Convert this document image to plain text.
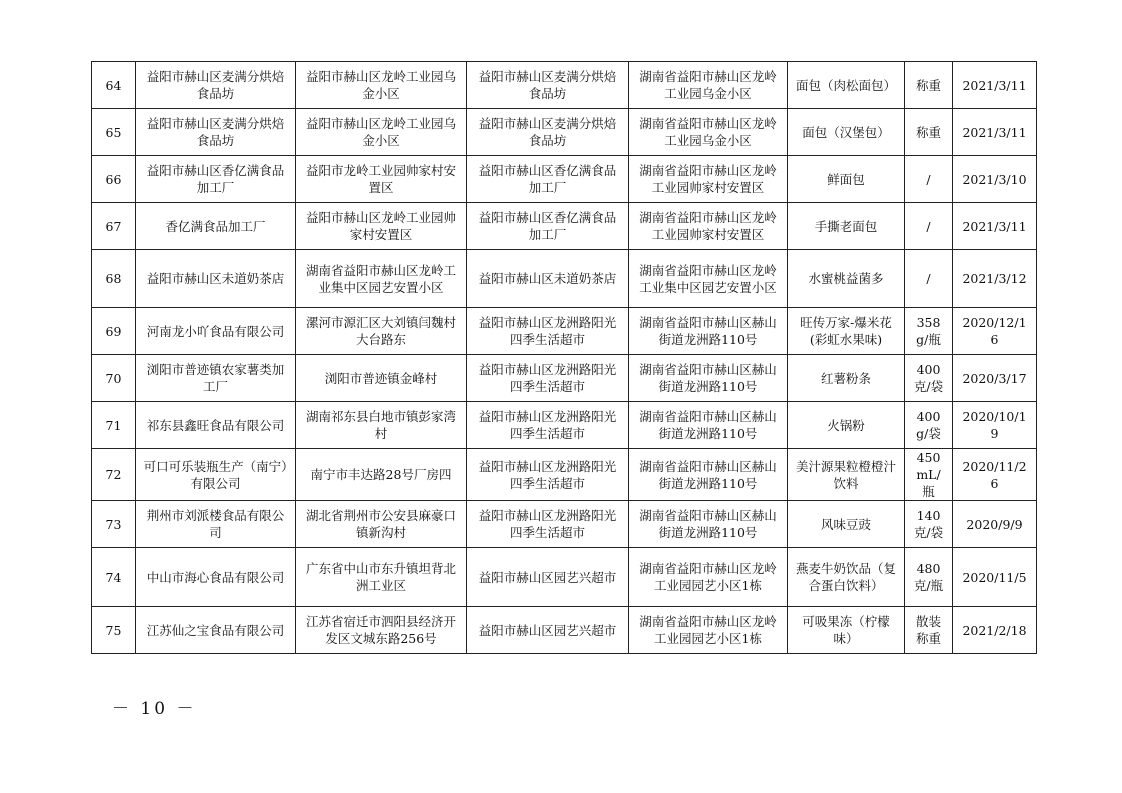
64	益阳市赫山区麦满分烘焙食品坊	益阳市赫山区龙岭工业园乌金小区	益阳市赫山区麦满分烘焙食品坊	湖南省益阳市赫山区龙岭工业园乌金小区	面包（肉松面包）	称重	2021/3/11
65	益阳市赫山区麦满分烘焙食品坊	益阳市赫山区龙岭工业园乌金小区	益阳市赫山区麦满分烘焙食品坊	湖南省益阳市赫山区龙岭工业园乌金小区	面包（汉堡包）	称重	2021/3/11
66	益阳市赫山区香亿满食品加工厂	益阳市龙岭工业园帅家村安置区	益阳市赫山区香亿满食品加工厂	湖南省益阳市赫山区龙岭工业园帅家村安置区	鲜面包	/	2021/3/10
67	香亿满食品加工厂	益阳市赫山区龙岭工业园帅家村安置区	益阳市赫山区香亿满食品加工厂	湖南省益阳市赫山区龙岭工业园帅家村安置区	手撕老面包	/	2021/3/11
68	益阳市赫山区未道奶茶店	湖南省益阳市赫山区龙岭工业集中区园艺安置小区	益阳市赫山区未道奶茶店	湖南省益阳市赫山区龙岭工业集中区园艺安置小区	水蜜桃益菌多	/	2021/3/12
69	河南龙小吖食品有限公司	漯河市源汇区大刘镇闫魏村大台路东	益阳市赫山区龙洲路阳光四季生活超市	湖南省益阳市赫山区赫山街道龙洲路110号	旺传万家-爆米花(彩虹水果味)	358g/瓶	2020/12/16
70	浏阳市普迹镇农家薯类加工厂	浏阳市普迹镇金峰村	益阳市赫山区龙洲路阳光四季生活超市	湖南省益阳市赫山区赫山街道龙洲路110号	红薯粉条	400克/袋	2020/3/17
71	祁东县鑫旺食品有限公司	湖南祁东县白地市镇彭家湾村	益阳市赫山区龙洲路阳光四季生活超市	湖南省益阳市赫山区赫山街道龙洲路110号	火锅粉	400g/袋	2020/10/19
72	可口可乐装瓶生产（南宁）有限公司	南宁市丰达路28号厂房四	益阳市赫山区龙洲路阳光四季生活超市	湖南省益阳市赫山区赫山街道龙洲路110号	美汁源果粒橙橙汁饮料	450mL/瓶	2020/11/26
73	荆州市刘派楼食品有限公司	湖北省荆州市公安县麻豪口镇新沟村	益阳市赫山区龙洲路阳光四季生活超市	湖南省益阳市赫山区赫山街道龙洲路110号	风味豆豉	140克/袋	2020/9/9
74	中山市海心食品有限公司	广东省中山市东升镇坦背北洲工业区	益阳市赫山区园艺兴超市	湖南省益阳市赫山区龙岭工业园园艺小区1栋	燕麦牛奶饮品（复合蛋白饮料）	480克/瓶	2020/11/5
75	江苏仙之宝食品有限公司	江苏省宿迁市泗阳县经济开发区文城东路256号	益阳市赫山区园艺兴超市	湖南省益阳市赫山区龙岭工业园园艺小区1栋	可吸果冻（柠檬味）	散装称重	2021/2/18
－ 10 －
